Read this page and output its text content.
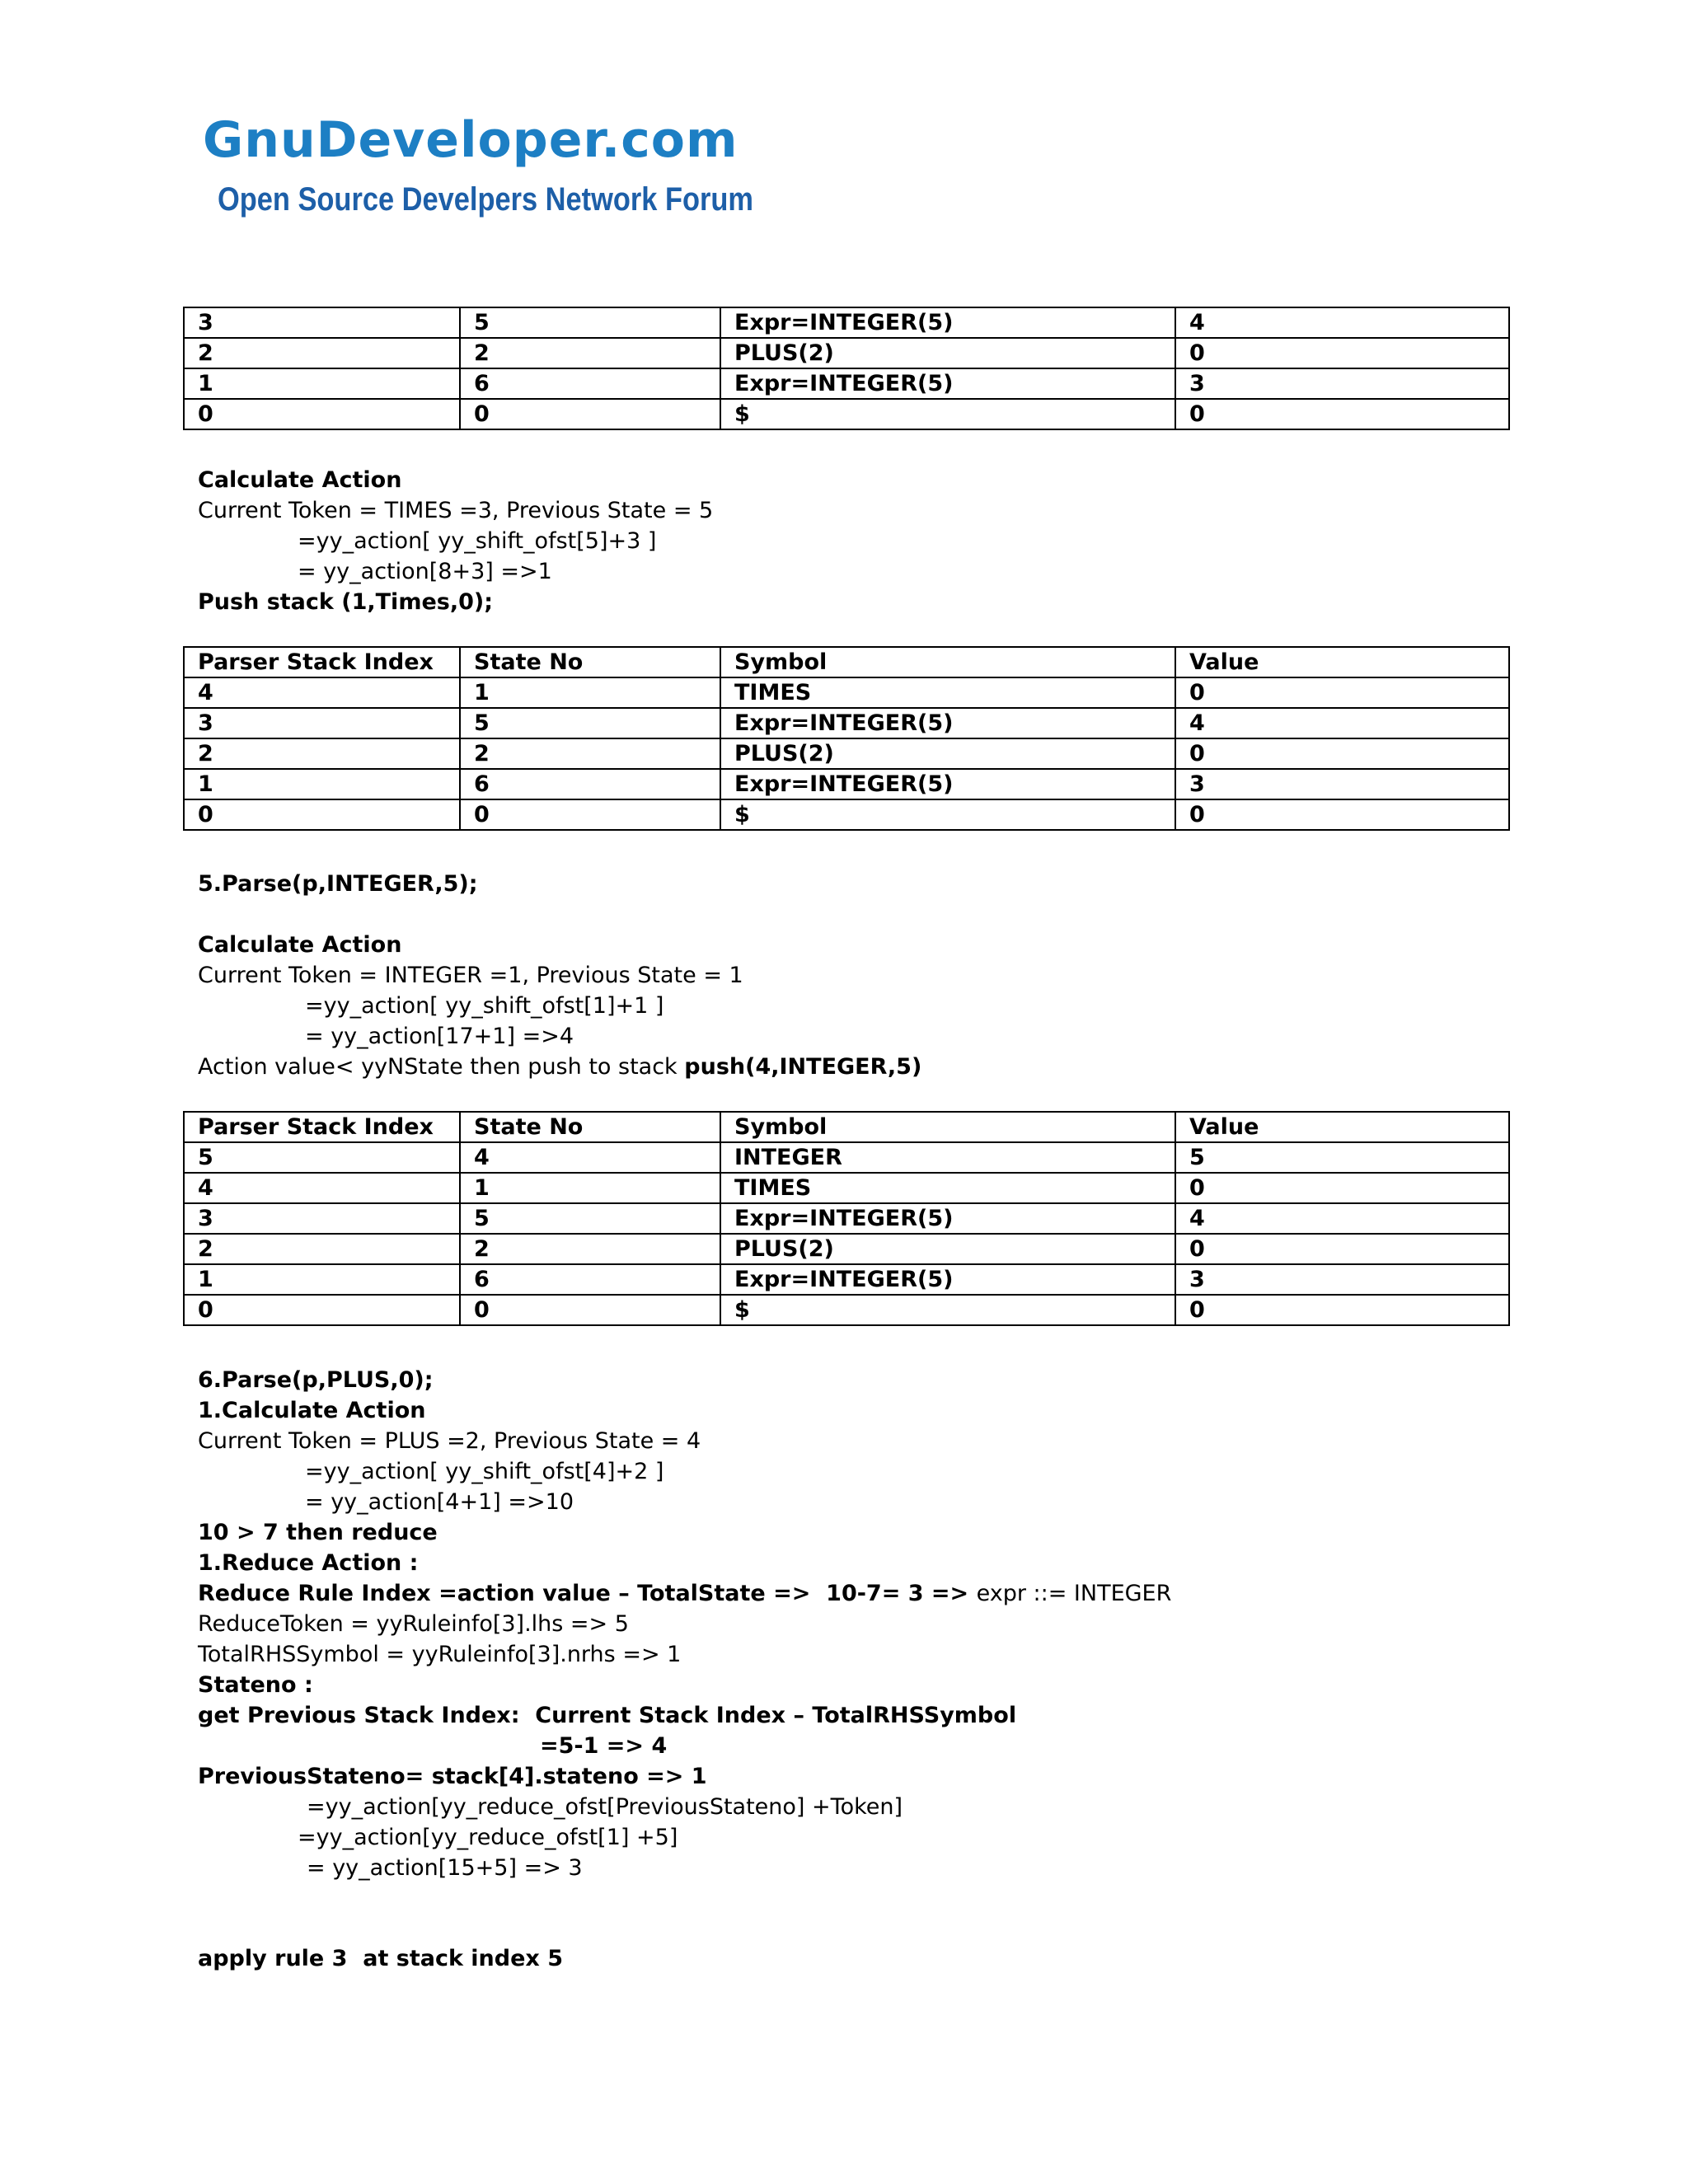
GnuDeveloper.com
Open Source Develpers Network Forum
3	5	Expr=INTEGER(5)	4
2	2	PLUS(2)	0
1	6	Expr=INTEGER(5)	3
0	0	$	0
Calculate Action
Current Token = TIMES =3, Previous State = 5
=yy_action[ yy_shift_ofst[5]+3 ]
= yy_action[8+3] =>1
Push stack (1,Times,0);
Parser Stack Index	State No	Symbol	Value
4	1	TIMES	0
3	5	Expr=INTEGER(5)	4
2	2	PLUS(2)	0
1	6	Expr=INTEGER(5)	3
0	0	$	0
5.Parse(p,INTEGER,5);
Calculate Action
Current Token = INTEGER =1, Previous State = 1
=yy_action[ yy_shift_ofst[1]+1 ]
= yy_action[17+1] =>4
Action value< yyNState then push to stack push(4,INTEGER,5)
Parser Stack Index	State No	Symbol	Value
5	4	INTEGER	5
4	1	TIMES	0
3	5	Expr=INTEGER(5)	4
2	2	PLUS(2)	0
1	6	Expr=INTEGER(5)	3
0	0	$	0
6.Parse(p,PLUS,0);
1.Calculate Action
Current Token = PLUS =2, Previous State = 4
=yy_action[ yy_shift_ofst[4]+2 ]
= yy_action[4+1] =>10
10 > 7 then reduce
1.Reduce Action :
Reduce Rule Index =action value – TotalState =>  10-7= 3 => expr ::= INTEGER
ReduceToken = yyRuleinfo[3].lhs => 5
TotalRHSSymbol = yyRuleinfo[3].nrhs => 1
Stateno :
get Previous Stack Index:  Current Stack Index – TotalRHSSymbol
=5-1 => 4
PreviousStateno= stack[4].stateno => 1
=yy_action[yy_reduce_ofst[PreviousStateno] +Token]
=yy_action[yy_reduce_ofst[1] +5]
= yy_action[15+5] => 3
apply rule 3  at stack index 5
